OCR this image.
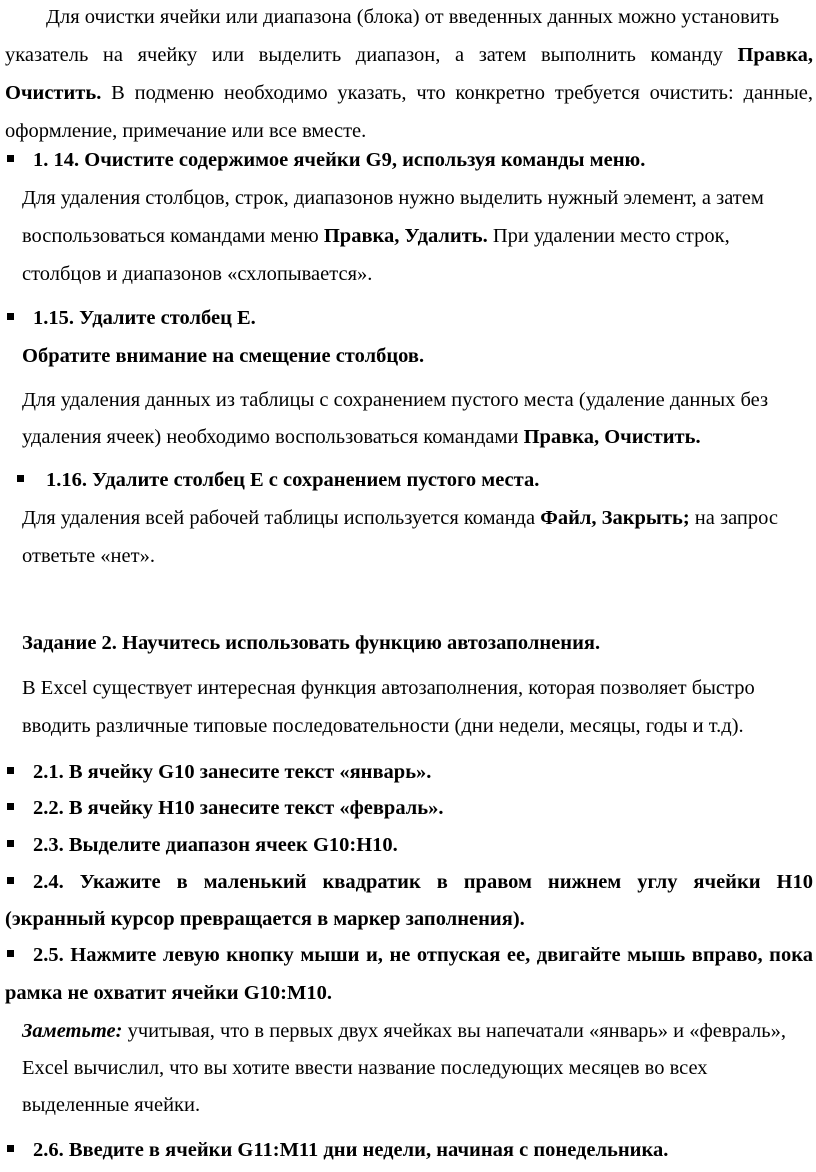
Для очистки ячейки или диапазона (блока) от введенных данных можно установить
указатель на ячейку или выделить диапазон, а затем выполнить команду Правка,
Очистить. В подменю необходимо указать, что конкретно требуется очистить: данные,
оформление, примечание или все вместе.
1. 14. Очистите содержимое ячейки G9, используя команды меню.
Для удаления столбцов, строк, диапазонов нужно выделить нужный элемент, а затем
воспользоваться командами меню Правка, Удалить. При удалении место строк,
столбцов и диапазонов «схлопывается».
1.15. Удалите столбец Е.
Обратите внимание на смещение столбцов.
Для удаления данных из таблицы с сохранением пустого места (удаление данных без
удаления ячеек) необходимо воспользоваться командами Правка, Очистить.
1.16. Удалите столбец Е с сохранением пустого места.
Для удаления всей рабочей таблицы используется команда Файл, Закрыть; на запрос
ответьте «нет».
Задание 2. Научитесь использовать функцию автозаполнения.
В Excel существует интересная функция автозаполнения, которая позволяет быстро
вводить различные типовые последовательности (дни недели, месяцы, годы и т.д).
2.1. В ячейку G10 занесите текст «январь».
2.2. В ячейку H10 занесите текст «февраль».
2.3. Выделите диапазон ячеек G10:H10.
2.4. Укажите в маленький квадратик в правом нижнем углу ячейки H10
(экранный курсор превращается в маркер заполнения).
2.5. Нажмите левую кнопку мыши и, не отпуская ее, двигайте мышь вправо, пока
рамка не охватит ячейки G10:M10.
Заметьте: учитывая, что в первых двух ячейках вы напечатали «январь» и «февраль»,
Excel вычислил, что вы хотите ввести название последующих месяцев во всех
выделенные ячейки.
2.6. Введите в ячейки G11:M11 дни недели, начиная с понедельника.
